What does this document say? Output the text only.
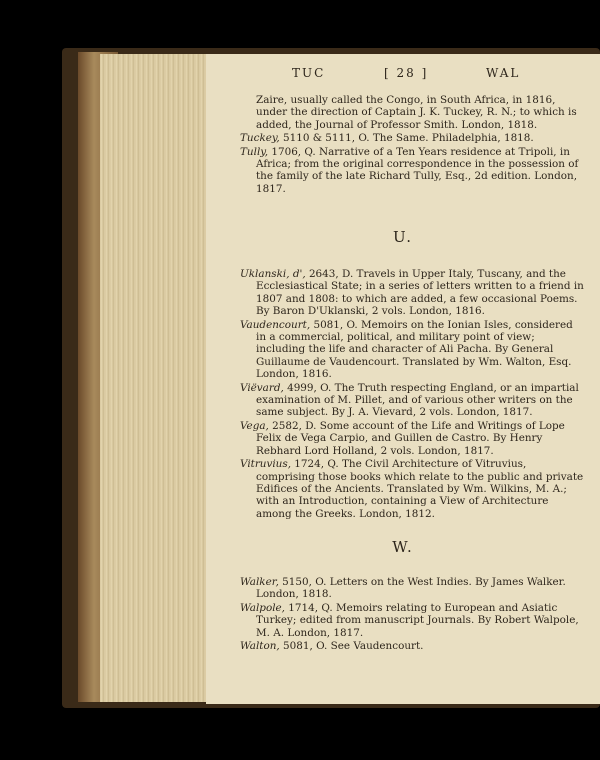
TUC	[ 28 ]	WAL

Zaire, usually called the Congo, in South Africa, in 1816, under the direction of Captain J. K. Tuckey, R. N.; to which is added, the Journal of Professor Smith. London, 1818.

Tuckey, 5110 & 5111, O. The Same. Philadelphia, 1818.

Tully, 1706, Q. Narrative of a Ten Years residence at Tripoli, in Africa; from the original correspondence in the possession of the family of the late Richard Tully, Esq., 2d edition. London, 1817.

U.

Uklanski, d', 2643, D. Travels in Upper Italy, Tuscany, and the Ecclesiastical State; in a series of letters written to a friend in 1807 and 1808: to which are added, a few occasional Poems. By Baron D'Uklanski, 2 vols. London, 1816.

Vaudencourt, 5081, O. Memoirs on the Ionian Isles, considered in a commercial, political, and military point of view; including the life and character of Ali Pacha. By General Guillaume de Vaudencourt. Translated by Wm. Walton, Esq. London, 1816.

Viëvard, 4999, O. The Truth respecting England, or an impartial examination of M. Pillet, and of various other writers on the same subject. By J. A. Vievard, 2 vols. London, 1817.

Vega, 2582, D. Some account of the Life and Writings of Lope Felix de Vega Carpio, and Guillen de Castro. By Henry Rebhard Lord Holland, 2 vols. London, 1817.

Vitruvius, 1724, Q. The Civil Architecture of Vitruvius, comprising those books which relate to the public and private Edifices of the Ancients. Translated by Wm. Wilkins, M. A.; with an Introduction, containing a View of Architecture among the Greeks. London, 1812.

W.

Walker, 5150, O. Letters on the West Indies. By James Walker. London, 1818.

Walpole, 1714, Q. Memoirs relating to European and Asiatic Turkey; edited from manuscript Journals. By Robert Walpole, M. A. London, 1817.

Walton, 5081, O. See Vaudencourt.
